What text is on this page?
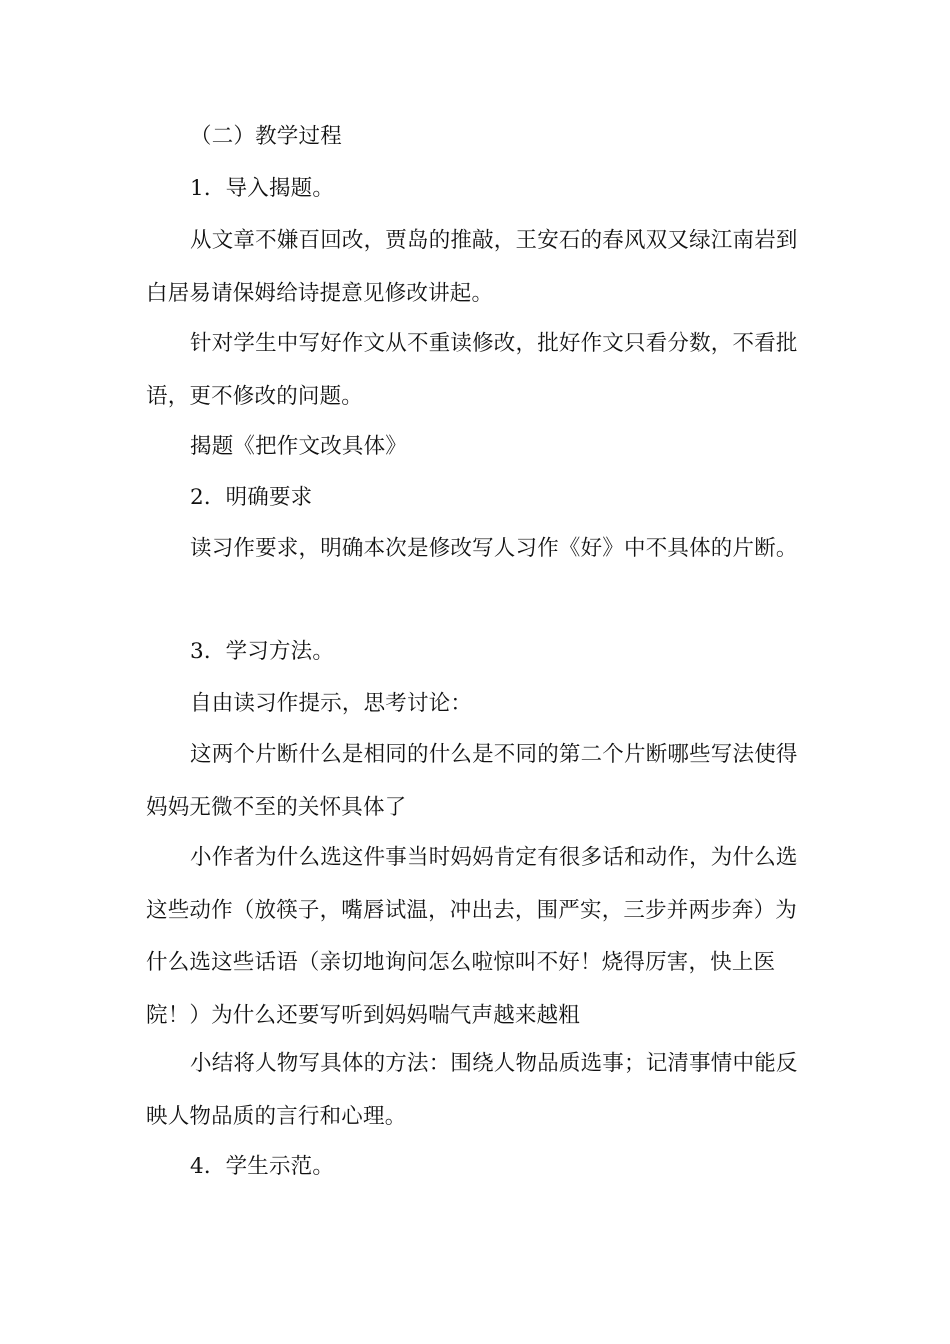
（二）教学过程

1．导入揭题。

从文章不嫌百回改，贾岛的推敲，王安石的春风双又绿江南岩到白居易请保姆给诗提意见修改讲起。

针对学生中写好作文从不重读修改，批好作文只看分数，不看批语，更不修改的问题。

揭题《把作文改具体》

2．明确要求

读习作要求，明确本次是修改写人习作《好》中不具体的片断。

3．学习方法。

自由读习作提示，思考讨论：

这两个片断什么是相同的什么是不同的第二个片断哪些写法使得妈妈无微不至的关怀具体了

小作者为什么选这件事当时妈妈肯定有很多话和动作，为什么选这些动作（放筷子，嘴唇试温，冲出去，围严实，三步并两步奔）为什么选这些话语（亲切地询问怎么啦惊叫不好！烧得厉害，快上医院！）为什么还要写听到妈妈喘气声越来越粗

小结将人物写具体的方法：围绕人物品质选事；记清事情中能反映人物品质的言行和心理。

4．学生示范。
